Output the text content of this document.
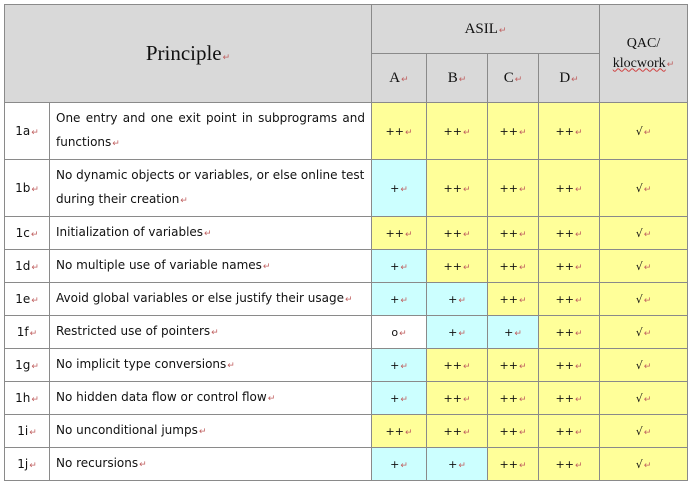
Principle↵		ASIL↵				QAC/
klocwork↵

		A↵	B↵	C↵	D↵	
1a↵	One entry and one exit point in subprograms and functions↵	++↵	++↵	++↵	++↵	√↵
1b↵	No dynamic objects or variables, or else online test during their creation↵	+↵	++↵	++↵	++↵	√↵
1c↵	Initialization of variables↵	++↵	++↵	++↵	++↵	√↵
1d↵	No multiple use of variable names↵	+↵	++↵	++↵	++↵	√↵
1e↵	Avoid global variables or else justify their usage↵	+↵	+↵	++↵	++↵	√↵
1f↵	Restricted use of pointers↵	o↵	+↵	+↵	++↵	√↵
1g↵	No implicit type conversions↵	+↵	++↵	++↵	++↵	√↵
1h↵	No hidden data flow or control flow↵	+↵	++↵	++↵	++↵	√↵
1i↵	No unconditional jumps↵	++↵	++↵	++↵	++↵	√↵
1j↵	No recursions↵	+↵	+↵	++↵	++↵	√↵
